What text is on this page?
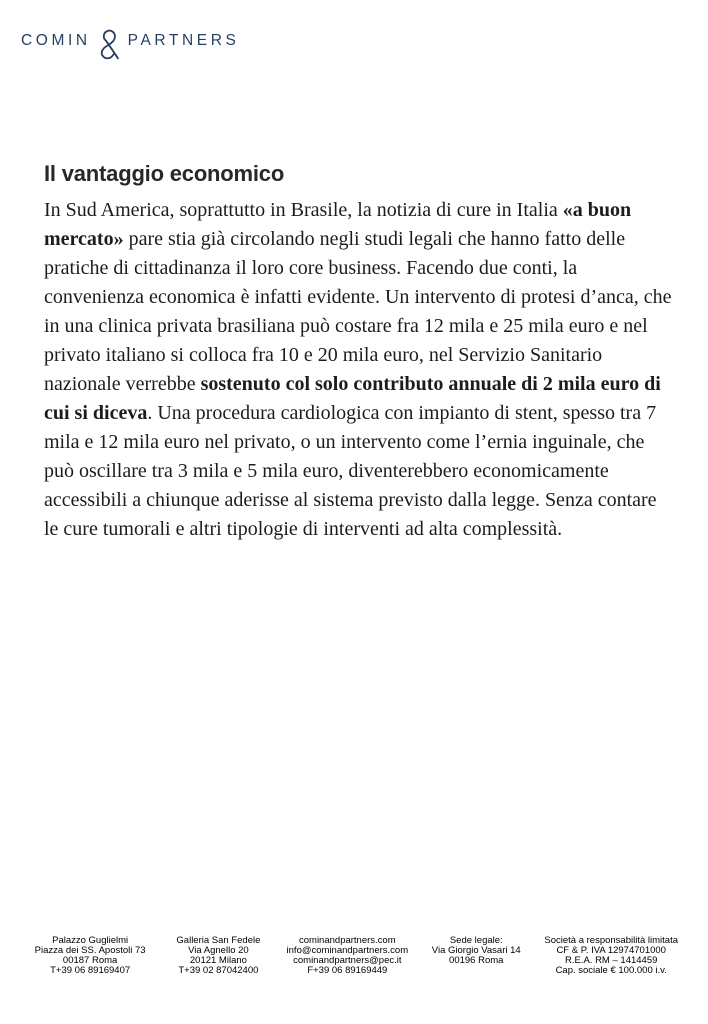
COMIN PARTNERS
Il vantaggio economico

In Sud America, soprattutto in Brasile, la notizia di cure in Italia «a buon mercato» pare stia già circolando negli studi legali che hanno fatto delle pratiche di cittadinanza il loro core business. Facendo due conti, la convenienza economica è infatti evidente. Un intervento di protesi d’anca, che in una clinica privata brasiliana può costare fra 12 mila e 25 mila euro e nel privato italiano si colloca fra 10 e 20 mila euro, nel Servizio Sanitario nazionale verrebbe sostenuto col solo contributo annuale di 2 mila euro di cui si diceva. Una procedura cardiologica con impianto di stent, spesso tra 7 mila e 12 mila euro nel privato, o un intervento come l’ernia inguinale, che può oscillare tra 3 mila e 5 mila euro, diventerebbero economicamente accessibili a chiunque aderisse al sistema previsto dalla legge. Senza contare le cure tumorali e altri tipologie di interventi ad alta complessità.

Palazzo Guglielmi
Piazza dei SS. Apostoli 73
00187 Roma
T+39 06 89169407
Galleria San Fedele
Via Agnello 20
20121 Milano
T+39 02 87042400
cominandpartners.com
info@cominandpartners.com
cominandpartners@pec.it
F+39 06 89169449
Sede legale:
Via Giorgio Vasari 14
00196 Roma
Società a responsabilità limitata
CF & P. IVA 12974701000
R.E.A. RM – 1414459
Cap. sociale € 100.000 i.v.
